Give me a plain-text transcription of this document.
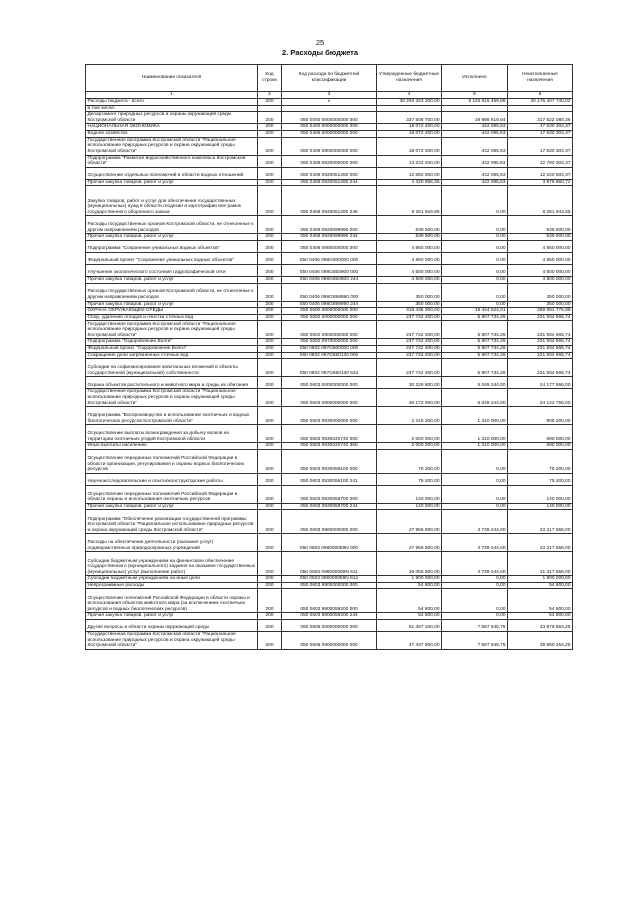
25
2. Расходы бюджета
Наименование показателя	Код строки	Код расхода по бюджетной классификации	Утвержденные бюджетные назначения	Исполнено	Неисполненные назначения
1	2	3	4	5	6
Расходы бюджета - всего	200	x	38 293 323 200,00	8 116 915 459,98	30 176 407 740,02
в том числе:					
Департамент природных ресурсов и охраны окружающей среды Костромской области	200	050 0000 0000000000 000	337 508 700,00	19 886 619,64	317 622 080,36
НАЦИОНАЛЬНАЯ ЭКОНОМИКА	200	050 0400 0000000000 000	18 072 400,00	442 095,63	17 630 304,37
Водное хозяйство	200	050 0406 0000000000 000	18 072 400,00	442 095,63	17 630 304,37
Государственная программа Костромской области "Рациональное использование природных ресурсов и охрана окружающей среды Костромской области"	200	050 0406 0900000000 000	18 072 400,00	442 095,63	17 630 304,37
Подпрограмма "Развитие водохозяйственного комплекса Костромской области"	200	050 0406 0920000000 000	13 222 400,00	442 095,63	12 780 304,37
Осуществление отдельных полномочий в области водных отношений	200	050 0406 0920051280 000	12 682 900,00	442 095,63	12 240 804,37
Прочая закупка товаров, работ и услуг	200	050 0406 0920051280 244	4 420 956,35	442 095,63	3 978 860,72
Закупка товаров, работ и услуг для обеспечения государственных (муниципальных) нужд в области геодезии и картографии вне рамок государственного оборонного заказа	200	050 0406 0920051280 245	8 261 943,65	0,00	8 261 943,65
Расходы государственных органов Костромской области, не отнесенные к другим направлениям расходов	200	050 0406 0920099990 000	539 500,00	0,00	539 500,00
Прочая закупка товаров, работ и услуг	200	050 0406 0920099990 244	539 500,00	0,00	539 500,00
Подпрограмма "Сохранение уникальных водных объектов"	200	050 0406 0980000000 000	4 850 000,00	0,00	4 850 000,00
Федеральный проект "Сохранение уникальных водных объектов"	200	050 0406 098G800000 000	4 850 000,00	0,00	4 850 000,00
Улучшение экологического состояния гидрографической сети	200	050 0406 098G850900 000	4 500 000,00	0,00	4 500 000,00
Прочая закупка товаров, работ и услуг	200	050 0406 098G850900 244	4 500 000,00	0,00	4 500 000,00
Расходы государственных органов Костромской области, не отнесенные к другим направлениям расходов	200	050 0406 098G899990 000	350 000,00	0,00	350 000,00
Прочая закупка товаров, работ и услуг	200	050 0406 098G899990 244	350 000,00	0,00	350 000,00
ОХРАНА ОКРУЖАЮЩЕЙ СРЕДЫ	200	050 0600 0000000000 000	319 436 300,00	19 444 524,01	299 991 775,99
Сбор, удаление отходов и очистка сточных вод	200	050 0602 0000000000 000	237 742 400,00	5 807 734,26	231 934 665,74
Государственная программа Костромской области "Рациональное использование природных ресурсов и охрана окружающей среды Костромской области"	200	050 0602 0900000000 000	237 742 400,00	5 807 734,26	231 934 665,74
Подпрограмма "Оздоровление Волги"	200	050 0602 0970000000 000	237 742 400,00	5 807 734,26	231 934 665,74
Федеральный проект "Оздоровление Волги"	200	050 0602 097G600000 000	237 742 400,00	5 807 734,26	231 934 665,74
Сокращение доли загрязненных сточных вод	200	050 0602 097G650130 000	237 742 400,00	5 807 734,26	231 934 665,74
Субсидии на софинансирование капитальных вложений в объекты государственной (муниципальной) собственности	200	050 0602 097G650130 522	237 742 400,00	5 807 734,26	231 934 665,74
Охрана объектов растительного и животного мира и среды их обитания	200	050 0603 0000000000 000	30 226 800,00	6 049 244,00	24 177 556,00
Государственная программа Костромской области "Рациональное использование природных ресурсов и охрана окружающей среды Костромской области"	200	050 0603 0900000000 000	30 172 000,00	6 049 244,00	24 122 756,00
Подпрограмма "Воспроизводство и использование охотничьих и водных биологических ресурсов Костромской области"	200	050 0603 0930000000 000	2 215 200,00	1 310 000,00	905 200,00
Осуществление выплаты вознаграждения за добычу волков на территории охотничьих угодий Костромской области	200	050 0603 0930020740 000	2 000 000,00	1 310 000,00	690 000,00
Иные выплаты населению	200	050 0603 0930020740 360	2 000 000,00	1 310 000,00	690 000,00
Осуществление переданных полномочий Российской Федерации в области организации, регулирования и охраны водных биологических ресурсов	200	050 0603 0930059100 000	75 200,00	0,00	75 200,00
Научноисследовательские и опытноконструкторские работы	200	050 0603 0930059100 241	75 200,00	0,00	75 200,00
Осуществление переданных полномочий Российской Федерации в области охраны и использования охотничьих ресурсов	200	050 0603 0930059700 000	140 000,00	0,00	140 000,00
Прочая закупка товаров, работ и услуг	200	050 0603 0930059700 244	140 000,00	0,00	140 000,00
Подпрограмма "Обеспечение реализации государственной программы Костромской области "Рациональное использование природных ресурсов и охрана окружающей среды Костромской области"	200	050 0603 0960000000 000	27 956 800,00	4 739 244,00	23 217 556,00
Расходы на обеспечение деятельности (оказание услуг) подведомственных природоохранных учреждений	200	050 0603 096000059N 000	27 956 800,00	4 739 244,00	23 217 556,00
Субсидии бюджетным учреждениям на финансовое обеспечение государственного (муниципального) задания на оказание государственных (муниципальных) услуг (выполнение работ)	200	050 0603 096000059N 611	26 056 800,00	4 739 244,00	21 317 556,00
Субсидии бюджетным учреждениям на иные цели	200	050 0603 096000059N 612	1 900 000,00	0,00	1 900 000,00
Непрограммные расходы	200	050 0603 9900000000 000	54 800,00	0,00	54 800,00
Осуществление полномочий Российской Федерации в области охраны и использования объектов животного мира (за исключением охотничьих ресурсов и водных биологических ресурсов)	200	050 0603 9900059200 000	54 800,00	0,00	54 800,00
Прочая закупка товаров, работ и услуг	200	050 0603 9900059200 244	54 800,00	0,00	54 800,00
Другие вопросы в области охраны окружающей среды	200	050 0605 0000000000 000	51 467 100,00	7 587 545,75	43 879 554,25
Государственная программа Костромской области "Рациональное использование природных ресурсов и охрана окружающей среды Костромской области"	200	050 0605 0900000000 000	47 437 800,00	7 587 545,75	39 850 254,25
